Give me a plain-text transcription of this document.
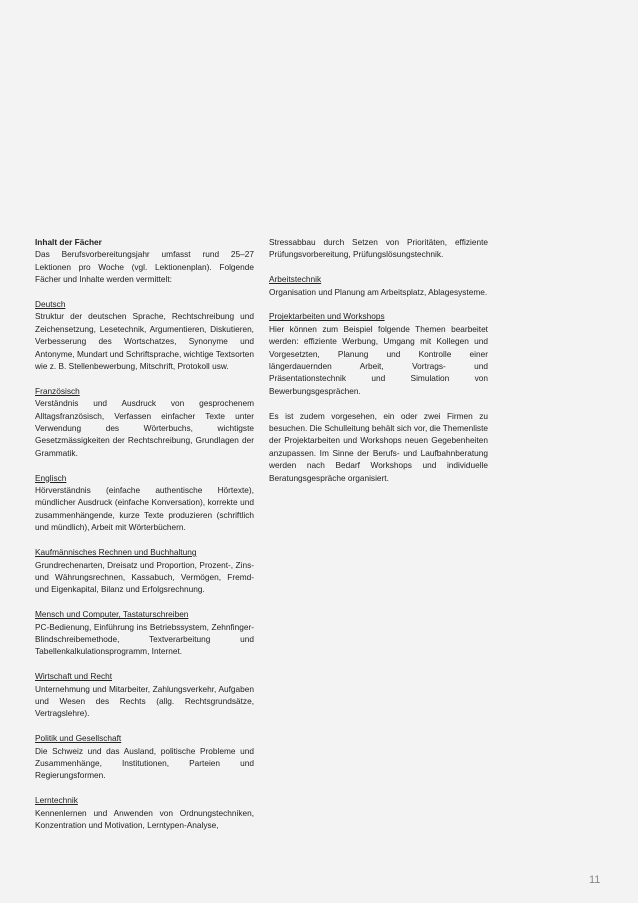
Inhalt der Fächer

Das Berufsvorbereitungsjahr umfasst rund 25–27 Lektionen pro Woche (vgl. Lektionenplan). Folgende Fächer und Inhalte werden vermittelt:

Deutsch

Struktur der deutschen Sprache, Rechtschreibung und Zeichensetzung, Lesetechnik, Argumentieren, Diskutieren, Verbesserung des Wortschatzes, Synonyme und Antonyme, Mundart und Schriftsprache, wichtige Textsorten wie z. B. Stellenbewerbung, Mitschrift, Protokoll usw.

Französisch

Verständnis und Ausdruck von gesprochenem Alltagsfranzösisch, Verfassen einfacher Texte unter Verwendung des Wörterbuchs, wichtigste Gesetzmässigkeiten der Rechtschreibung, Grundlagen der Grammatik.

Englisch

Hörverständnis (einfache authentische Hörtexte), mündlicher Ausdruck (einfache Konversation), korrekte und zusammenhängende, kurze Texte produzieren (schriftlich und mündlich), Arbeit mit Wörterbüchern.

Kaufmännisches Rechnen und Buchhaltung

Grundrechenarten, Dreisatz und Proportion, Prozent-, Zins- und Währungsrechnen, Kassabuch, Vermögen, Fremd- und Eigenkapital, Bilanz und Erfolgsrechnung.

Mensch und Computer, Tastaturschreiben

PC-Bedienung, Einführung ins Betriebssystem, Zehnfinger-Blindschreibemethode, Textverarbeitung und Tabellenkalkulationsprogramm, Internet.

Wirtschaft und Recht

Unternehmung und Mitarbeiter, Zahlungsverkehr, Aufgaben und Wesen des Rechts (allg. Rechtsgrundsätze, Vertragslehre).

Politik und Gesellschaft

Die Schweiz und das Ausland, politische Probleme und Zusammenhänge, Institutionen, Parteien und Regierungsformen.

Lerntechnik

Kennenlernen und Anwenden von Ordnungstechniken, Konzentration und Motivation, Lerntypen-Analyse,

Stressabbau durch Setzen von Prioritäten, effiziente Prüfungsvorbereitung, Prüfungslösungstechnik.

Arbeitstechnik

Organisation und Planung am Arbeitsplatz, Ablagesysteme.

Projektarbeiten und Workshops

Hier können zum Beispiel folgende Themen bearbeitet werden: effiziente Werbung, Umgang mit Kollegen und Vorgesetzten, Planung und Kontrolle einer längerdauernden Arbeit, Vortrags- und Präsentationstechnik und Simulation von Bewerbungsgesprächen.

Es ist zudem vorgesehen, ein oder zwei Firmen zu besuchen. Die Schulleitung behält sich vor, die Themenliste der Projektarbeiten und Workshops neuen Gegebenheiten anzupassen. Im Sinne der Berufs- und Laufbahnberatung werden nach Bedarf Workshops und individuelle Beratungsgespräche organisiert.

11
